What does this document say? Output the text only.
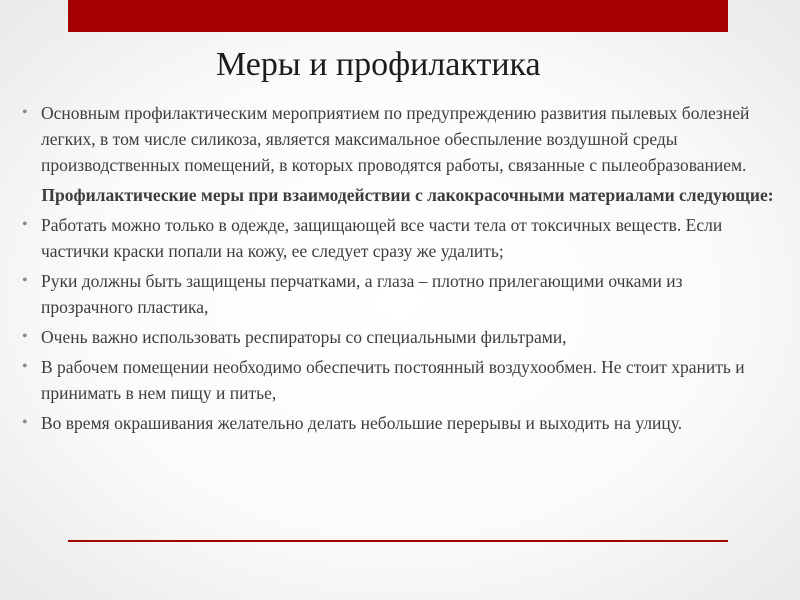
Меры и профилактика

• Основным профилактическим мероприятием по предупреждению развития пылевых болезней легких, в том числе силикоза, является максимальное обеспыление воздушной среды производственных помещений, в которых проводятся работы, связанные с пылеобразованием.

Профилактические меры при взаимодействии с лакокрасочными материалами следующие:

• Работать можно только в одежде, защищающей все части тела от токсичных веществ. Если частички краски попали на кожу, ее следует сразу же удалить;

• Руки должны быть защищены перчатками, а глаза – плотно прилегающими очками из прозрачного пластика,

• Очень важно использовать респираторы со специальными фильтрами,

• В рабочем помещении необходимо обеспечить постоянный воздухообмен. Не стоит хранить и принимать в нем пищу и питье,

• Во время окрашивания желательно делать небольшие перерывы и выходить на улицу.
